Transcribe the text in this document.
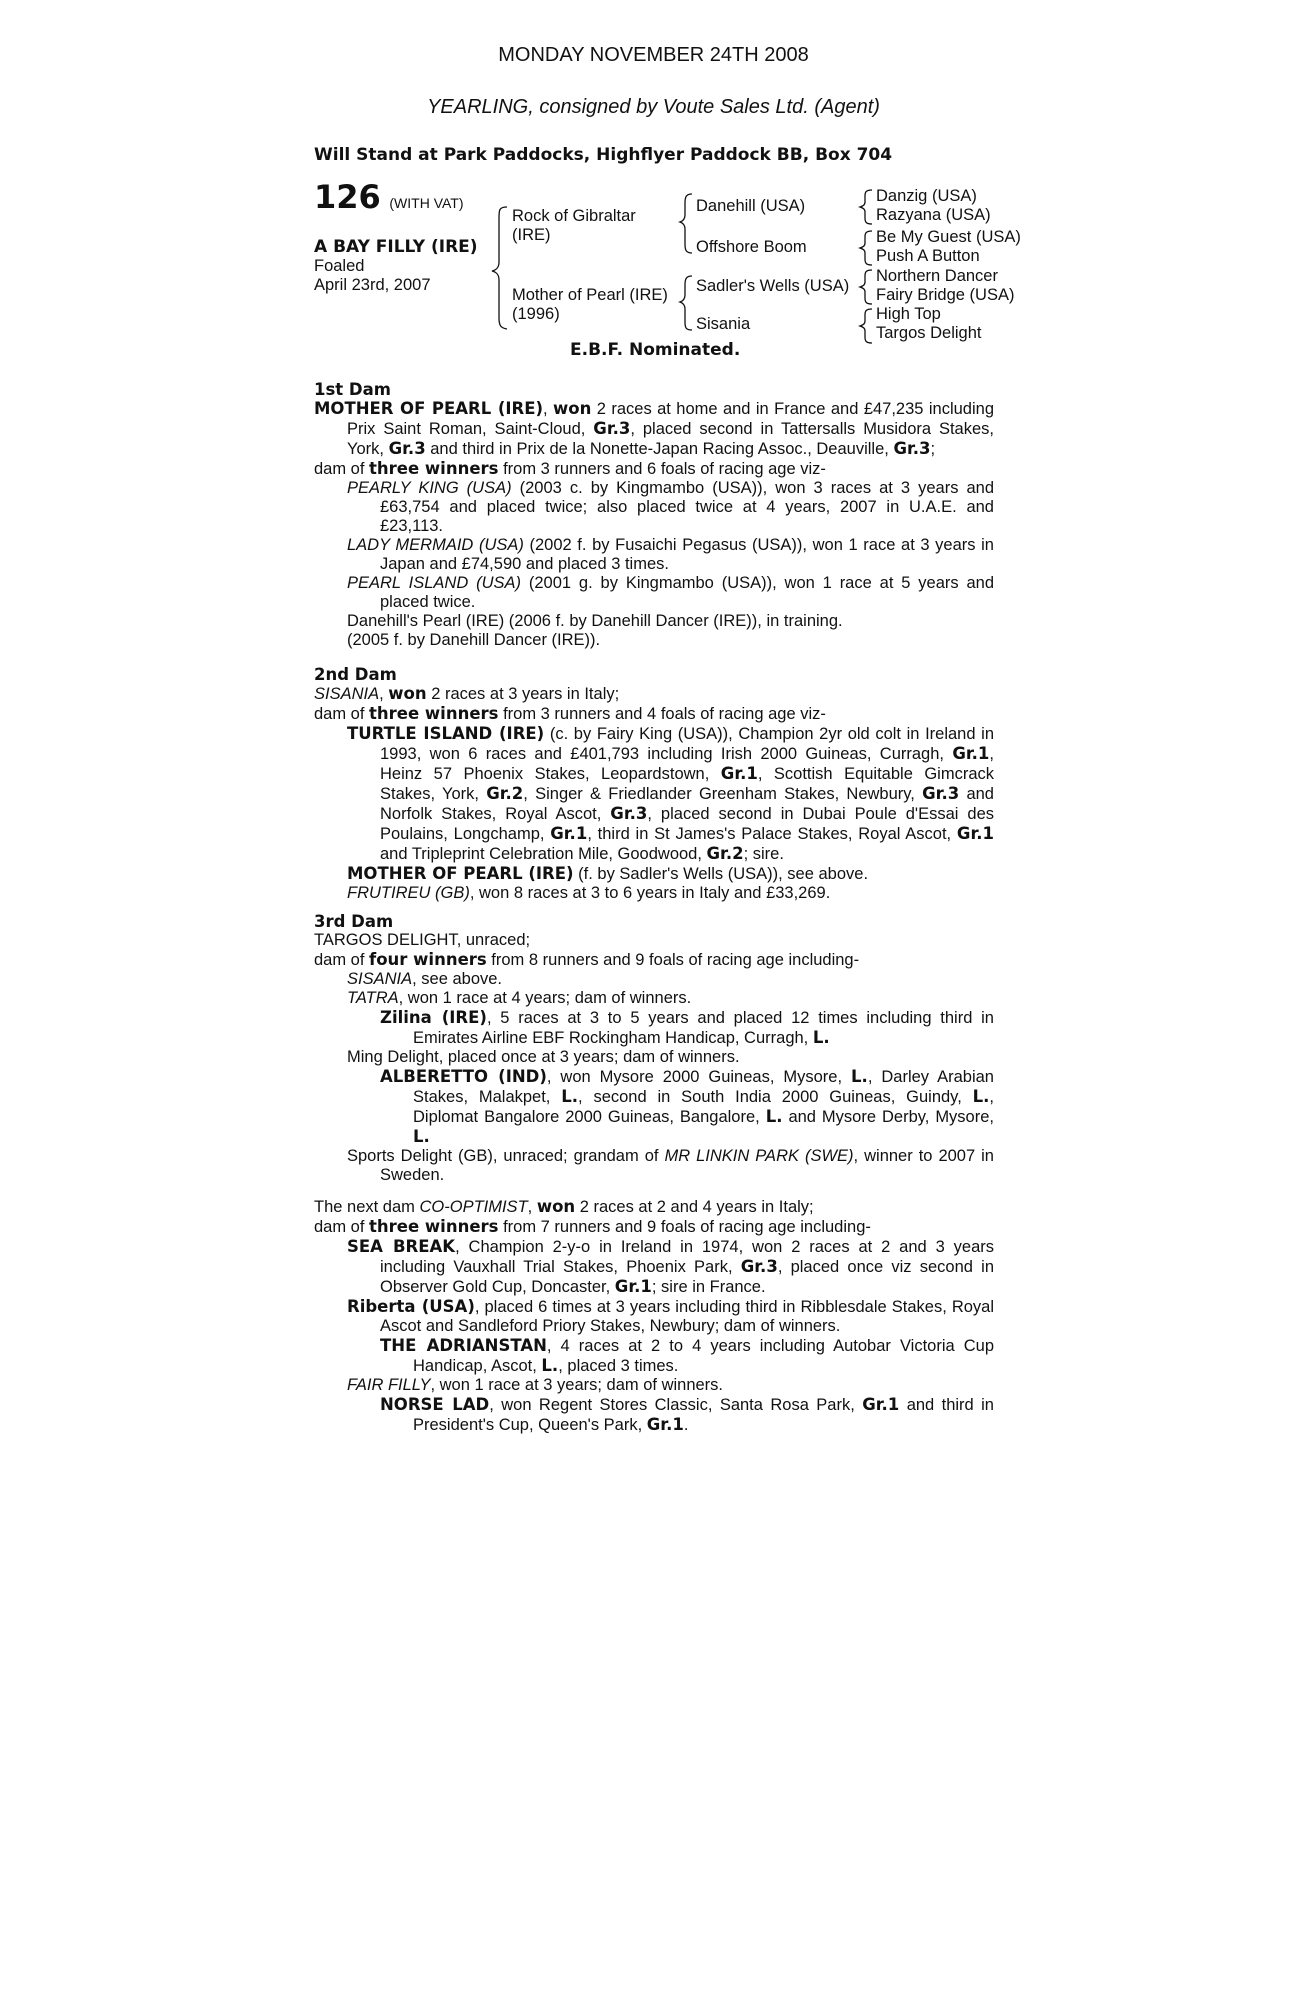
MONDAY NOVEMBER 24TH 2008
YEARLING, consigned by Voute Sales Ltd. (Agent)
Will Stand at Park Paddocks, Highflyer Paddock BB, Box 704
126 (WITH VAT)
A BAY FILLY (IRE)
Foaled
April 23rd, 2007
Rock of Gibraltar
(IRE)
Mother of Pearl (IRE)
(1996)
Danehill (USA)
Offshore Boom
Sadler's Wells (USA)
Sisania
Danzig (USA)
Razyana (USA)
Be My Guest (USA)
Push A Button
Northern Dancer
Fairy Bridge (USA)
High Top
Targos Delight
E.B.F. Nominated.

1st Dam

MOTHER OF PEARL (IRE), won 2 races at home and in France and £47,235 including Prix Saint Roman, Saint-Cloud, Gr.3, placed second in Tattersalls Musidora Stakes, York, Gr.3 and third in Prix de la Nonette-Japan Racing Assoc., Deauville, Gr.3;

dam of three winners from 3 runners and 6 foals of racing age viz-

PEARLY KING (USA) (2003 c. by Kingmambo (USA)), won 3 races at 3 years and £63,754 and placed twice; also placed twice at 4 years, 2007 in U.A.E. and £23,113.

LADY MERMAID (USA) (2002 f. by Fusaichi Pegasus (USA)), won 1 race at 3 years in Japan and £74,590 and placed 3 times.

PEARL ISLAND (USA) (2001 g. by Kingmambo (USA)), won 1 race at 5 years and placed twice.

Danehill's Pearl (IRE) (2006 f. by Danehill Dancer (IRE)), in training.

(2005 f. by Danehill Dancer (IRE)).

2nd Dam

SISANIA, won 2 races at 3 years in Italy;

dam of three winners from 3 runners and 4 foals of racing age viz-

TURTLE ISLAND (IRE) (c. by Fairy King (USA)), Champion 2yr old colt in Ireland in 1993, won 6 races and £401,793 including Irish 2000 Guineas, Curragh, Gr.1, Heinz 57 Phoenix Stakes, Leopardstown, Gr.1, Scottish Equitable Gimcrack Stakes, York, Gr.2, Singer & Friedlander Greenham Stakes, Newbury, Gr.3 and Norfolk Stakes, Royal Ascot, Gr.3, placed second in Dubai Poule d'Essai des Poulains, Longchamp, Gr.1, third in St James's Palace Stakes, Royal Ascot, Gr.1 and Tripleprint Celebration Mile, Goodwood, Gr.2; sire.

MOTHER OF PEARL (IRE) (f. by Sadler's Wells (USA)), see above.

FRUTIREU (GB), won 8 races at 3 to 6 years in Italy and £33,269.

3rd Dam

TARGOS DELIGHT, unraced;

dam of four winners from 8 runners and 9 foals of racing age including-

SISANIA, see above.

TATRA, won 1 race at 4 years; dam of winners.

Zilina (IRE), 5 races at 3 to 5 years and placed 12 times including third in Emirates Airline EBF Rockingham Handicap, Curragh, L.

Ming Delight, placed once at 3 years; dam of winners.

ALBERETTO (IND), won Mysore 2000 Guineas, Mysore, L., Darley Arabian Stakes, Malakpet, L., second in South India 2000 Guineas, Guindy, L., Diplomat Bangalore 2000 Guineas, Bangalore, L. and Mysore Derby, Mysore, L.

Sports Delight (GB), unraced; grandam of MR LINKIN PARK (SWE), winner to 2007 in Sweden.

The next dam CO-OPTIMIST, won 2 races at 2 and 4 years in Italy;

dam of three winners from 7 runners and 9 foals of racing age including-

SEA BREAK, Champion 2-y-o in Ireland in 1974, won 2 races at 2 and 3 years including Vauxhall Trial Stakes, Phoenix Park, Gr.3, placed once viz second in Observer Gold Cup, Doncaster, Gr.1; sire in France.

Riberta (USA), placed 6 times at 3 years including third in Ribblesdale Stakes, Royal Ascot and Sandleford Priory Stakes, Newbury; dam of winners.

THE ADRIANSTAN, 4 races at 2 to 4 years including Autobar Victoria Cup Handicap, Ascot, L., placed 3 times.

FAIR FILLY, won 1 race at 3 years; dam of winners.

NORSE LAD, won Regent Stores Classic, Santa Rosa Park, Gr.1 and third in President's Cup, Queen's Park, Gr.1.
